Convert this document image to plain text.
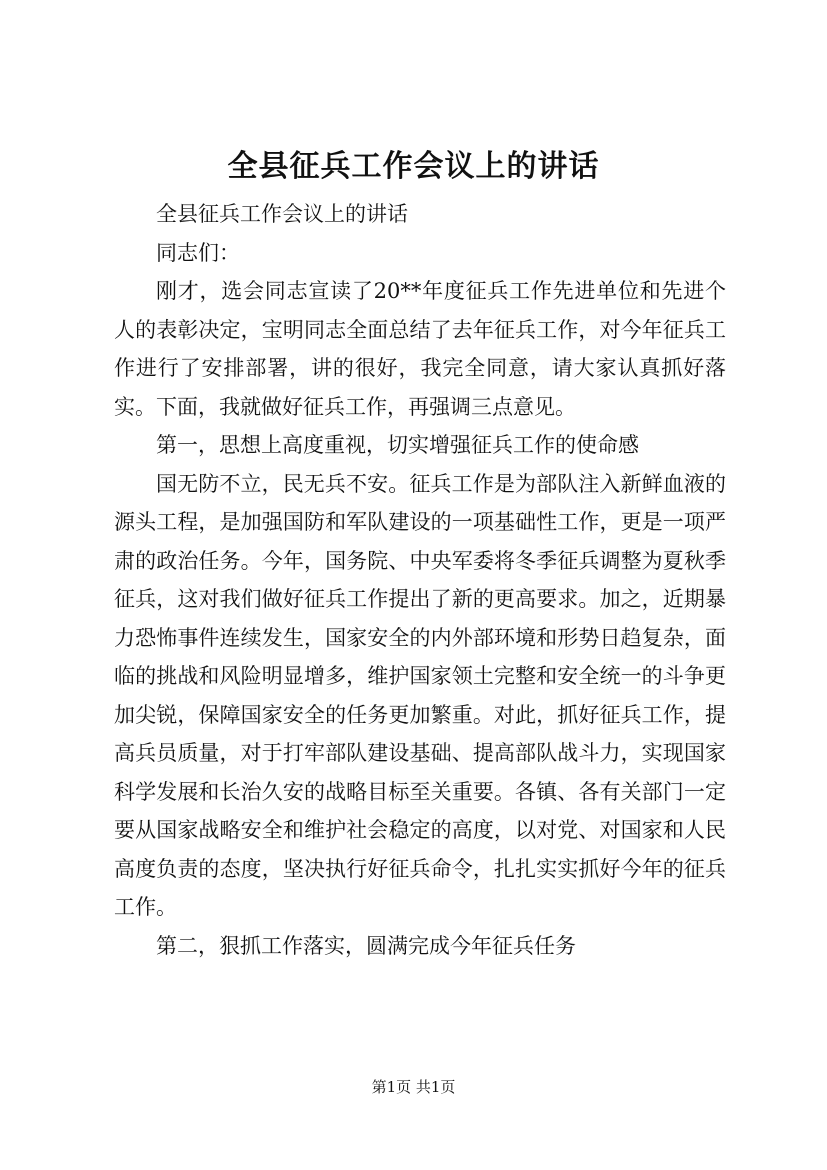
全县征兵工作会议上的讲话

全县征兵工作会议上的讲话

同志们：

刚才，选会同志宣读了20**年度征兵工作先进单位和先进个人的表彰决定，宝明同志全面总结了去年征兵工作，对今年征兵工作进行了安排部署，讲的很好，我完全同意，请大家认真抓好落实。下面，我就做好征兵工作，再强调三点意见。

第一，思想上高度重视，切实增强征兵工作的使命感

国无防不立，民无兵不安。征兵工作是为部队注入新鲜血液的源头工程，是加强国防和军队建设的一项基础性工作，更是一项严肃的政治任务。今年，国务院、中央军委将冬季征兵调整为夏秋季征兵，这对我们做好征兵工作提出了新的更高要求。加之，近期暴力恐怖事件连续发生，国家安全的内外部环境和形势日趋复杂，面临的挑战和风险明显增多，维护国家领土完整和安全统一的斗争更加尖锐，保障国家安全的任务更加繁重。对此，抓好征兵工作，提高兵员质量，对于打牢部队建设基础、提高部队战斗力，实现国家科学发展和长治久安的战略目标至关重要。各镇、各有关部门一定要从国家战略安全和维护社会稳定的高度，以对党、对国家和人民高度负责的态度，坚决执行好征兵命令，扎扎实实抓好今年的征兵工作。

第二，狠抓工作落实，圆满完成今年征兵任务

第1页 共1页
